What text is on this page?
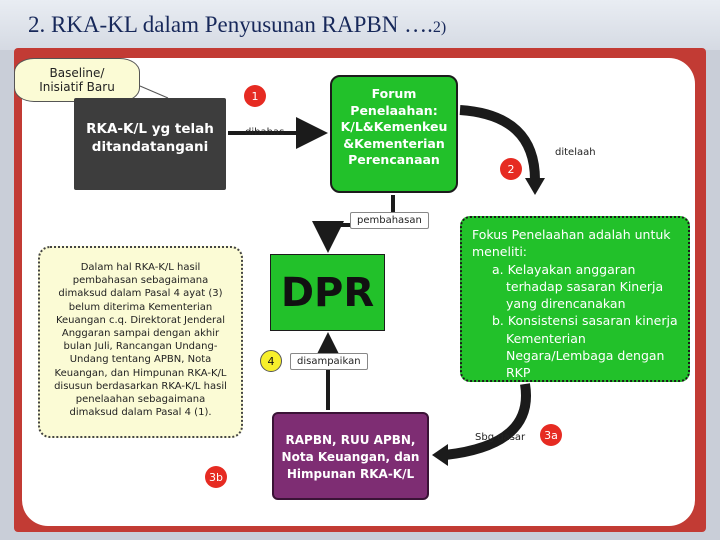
2. RKA-KL dalam Penyusunan RAPBN ….2)
Baseline/
Inisiatif Baru
RKA-K/L yg telah
ditandatangani
Forum
Penelaahan:
K/L&Kemenkeu
&Kementerian
Perencanaan
DPR
Dalam hal RKA-K/L hasil pembahasan sebagaimana dimaksud dalam Pasal 4 ayat (3) belum diterima Kementerian Keuangan c.q. Direktorat Jenderal Anggaran sampai dengan akhir bulan Juli, Rancangan Undang-Undang tentang APBN, Nota Keuangan, dan Himpunan RKA-K/L disusun berdasarkan RKA-K/L hasil penelaahan sebagaimana dimaksud dalam Pasal 4 (1).
Fokus Penelaahan adalah untuk
meneliti:
a. Kelayakan anggaran terhadap sasaran Kinerja yang direncanakan
b. Konsistensi sasaran kinerja Kementerian Negara/Lembaga dengan RKP
RAPBN, RUU APBN,
Nota Keuangan, dan
Himpunan RKA-K/L
dibahas
ditelaah
pembahasan
disampaikan
Sbg dasar
1
2
3a
3b
4
